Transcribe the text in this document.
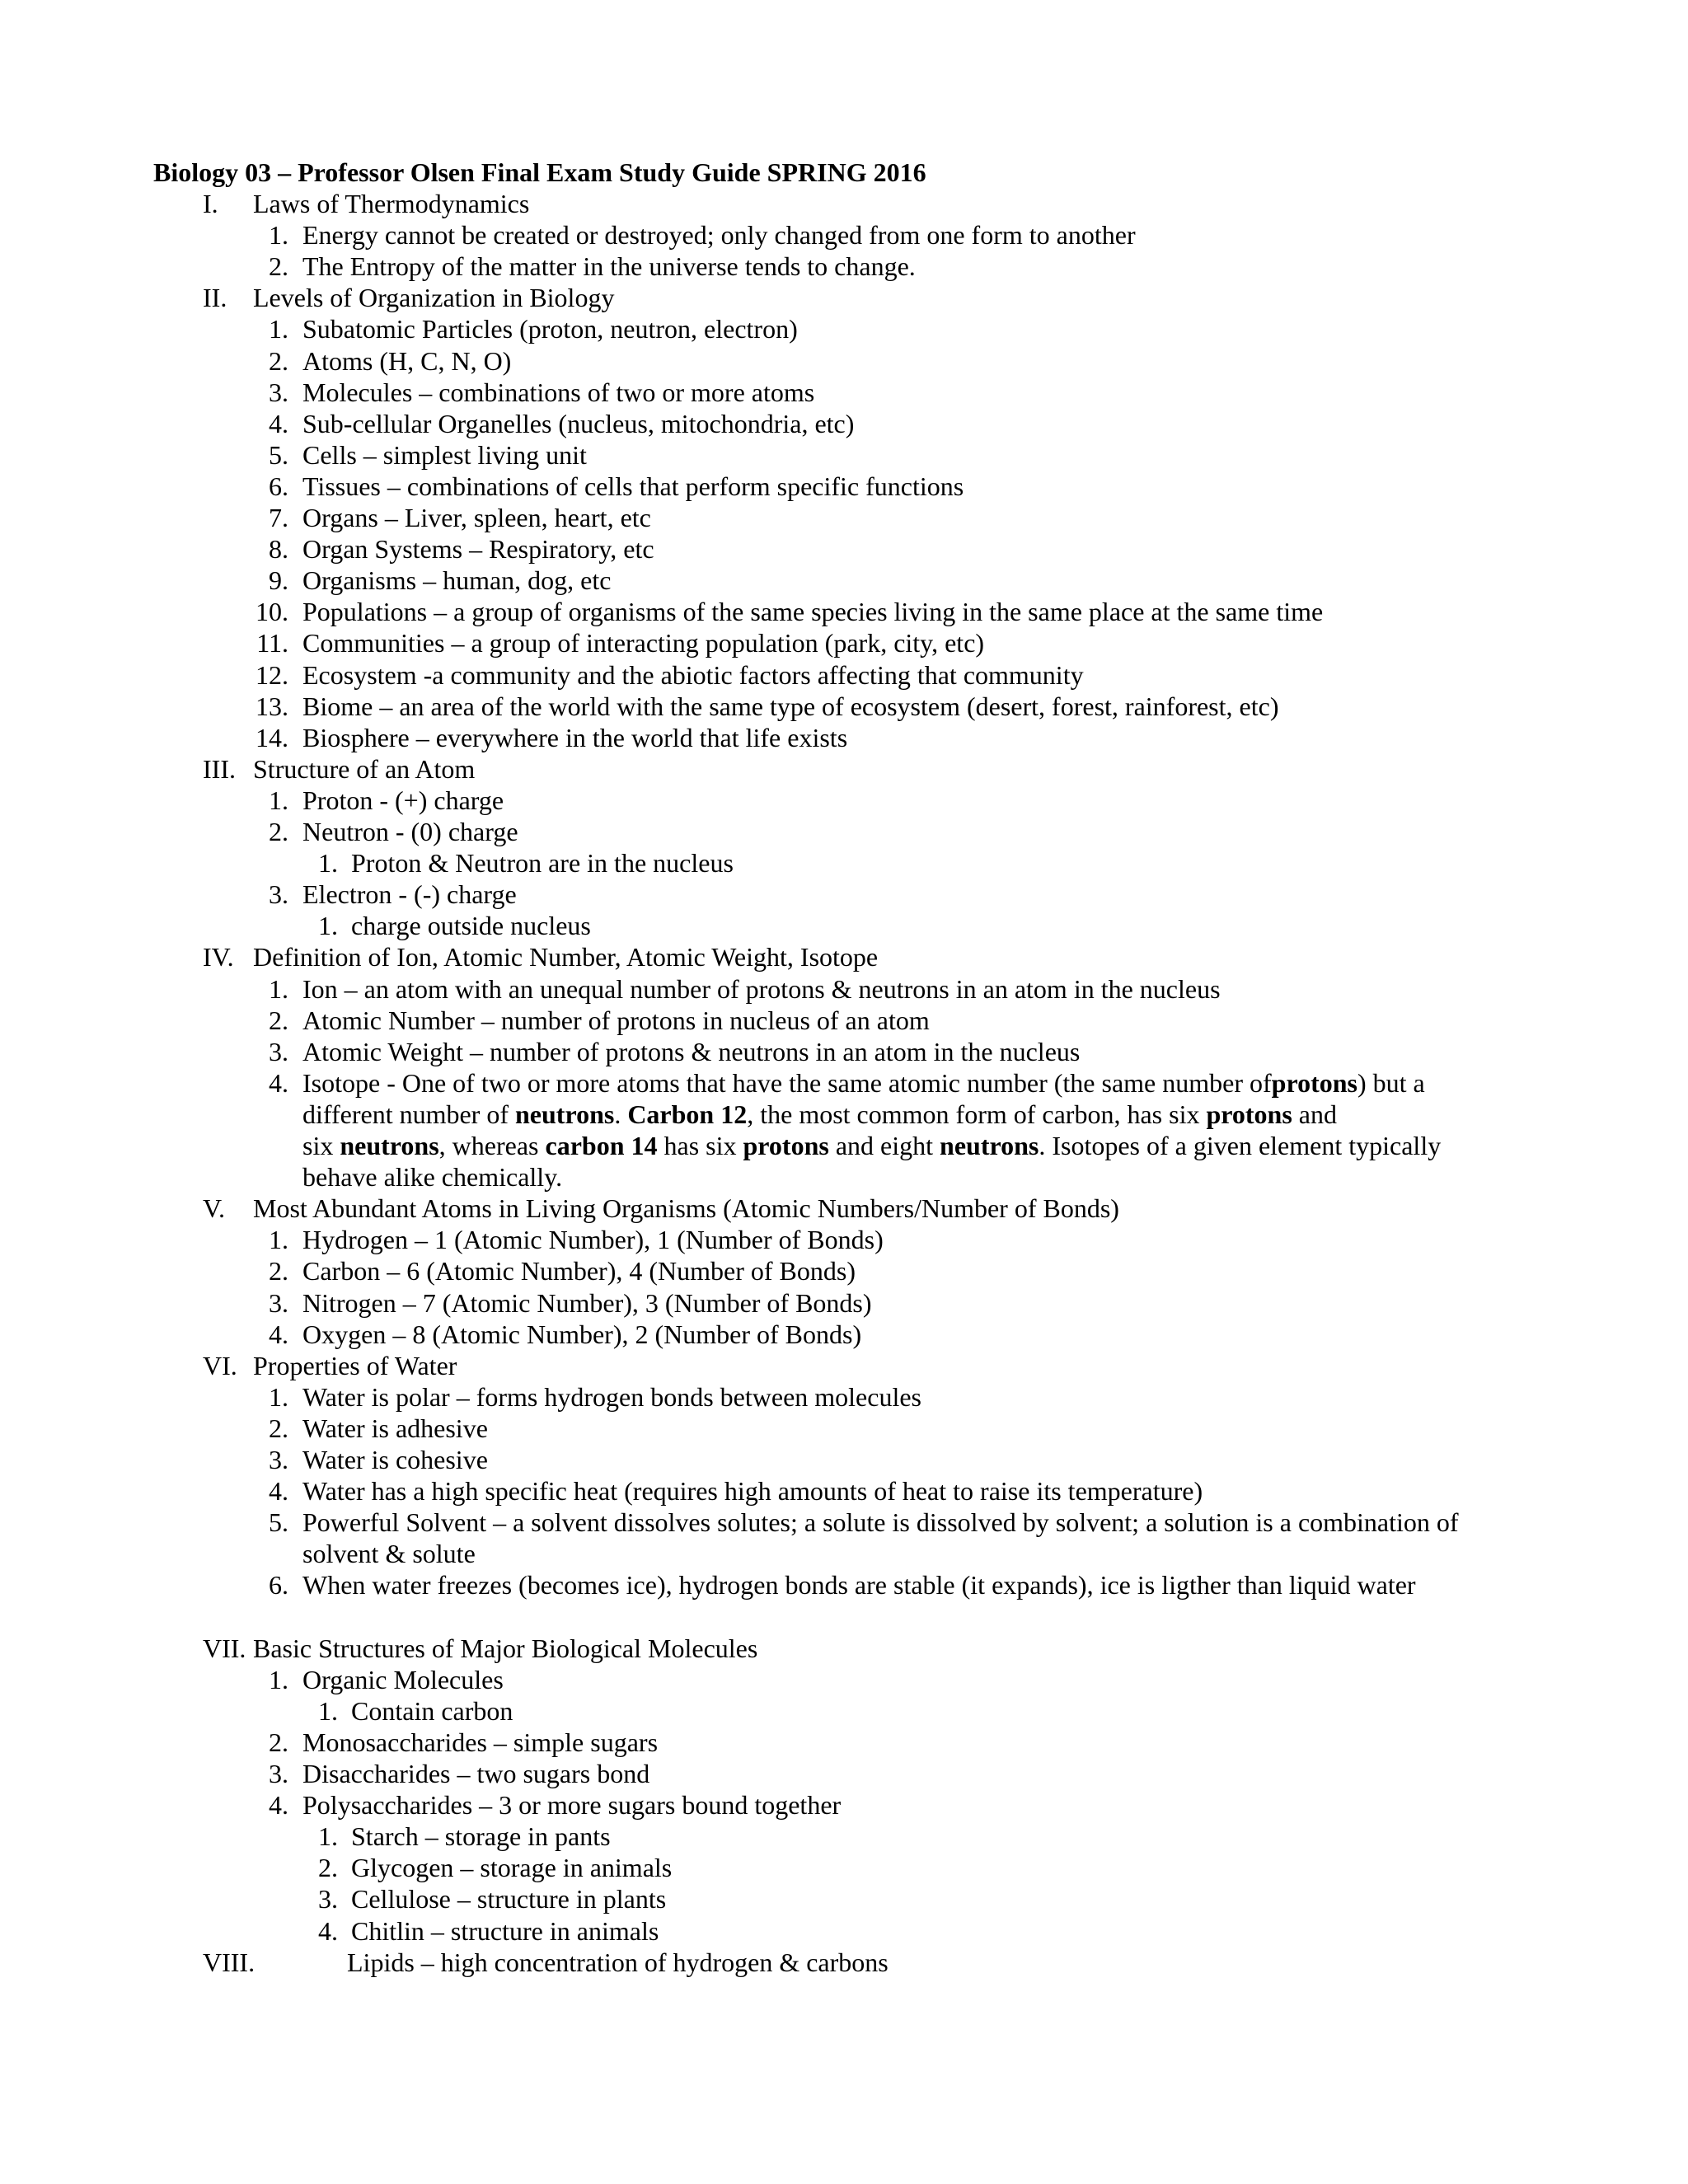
Biology 03 – Professor Olsen Final Exam Study Guide SPRING 2016
I. Laws of Thermodynamics
1. Energy cannot be created or destroyed; only changed from one form to another
2. The Entropy of the matter in the universe tends to change.
II. Levels of Organization in Biology
1. Subatomic Particles (proton, neutron, electron)
2. Atoms (H, C, N, O)
3. Molecules – combinations of two or more atoms
4. Sub-cellular Organelles (nucleus, mitochondria, etc)
5. Cells – simplest living unit
6. Tissues – combinations of cells that perform specific functions
7. Organs – Liver, spleen, heart, etc
8. Organ Systems – Respiratory, etc
9. Organisms – human, dog, etc
10. Populations – a group of organisms of the same species living in the same place at the same time
11. Communities – a group of interacting population (park, city, etc)
12. Ecosystem -a community and the abiotic factors affecting that community
13. Biome – an area of the world with the same type of ecosystem (desert, forest, rainforest, etc)
14. Biosphere – everywhere in the world that life exists
III. Structure of an Atom
1. Proton - (+) charge
2. Neutron - (0) charge
1. Proton & Neutron are in the nucleus
3. Electron - (-) charge
1. charge outside nucleus
IV. Definition of Ion, Atomic Number, Atomic Weight, Isotope
1. Ion – an atom with an unequal number of protons & neutrons in an atom in the nucleus
2. Atomic Number – number of protons in nucleus of an atom
3. Atomic Weight – number of protons & neutrons in an atom in the nucleus
4. Isotope - One of two or more atoms that have the same atomic number (the same number ofprotons) but a
different number of neutrons. Carbon 12, the most common form of carbon, has six protons and
six neutrons, whereas carbon 14 has six protons and eight neutrons. Isotopes of a given element typically
behave alike chemically.
V. Most Abundant Atoms in Living Organisms (Atomic Numbers/Number of Bonds)
1. Hydrogen – 1 (Atomic Number), 1 (Number of Bonds)
2. Carbon – 6 (Atomic Number), 4 (Number of Bonds)
3. Nitrogen – 7 (Atomic Number), 3 (Number of Bonds)
4. Oxygen – 8 (Atomic Number), 2 (Number of Bonds)
VI. Properties of Water
1. Water is polar – forms hydrogen bonds between molecules
2. Water is adhesive
3. Water is cohesive
4. Water has a high specific heat (requires high amounts of heat to raise its temperature)
5. Powerful Solvent – a solvent dissolves solutes; a solute is dissolved by solvent; a solution is a combination of
solvent & solute
6. When water freezes (becomes ice), hydrogen bonds are stable (it expands), ice is ligther than liquid water
VII. Basic Structures of Major Biological Molecules
1. Organic Molecules
1. Contain carbon
2. Monosaccharides – simple sugars
3. Disaccharides – two sugars bond
4. Polysaccharides – 3 or more sugars bound together
1. Starch – storage in pants
2. Glycogen – storage in animals
3. Cellulose – structure in plants
4. Chitlin – structure in animals
VIII.	Lipids – high concentration of hydrogen & carbons
